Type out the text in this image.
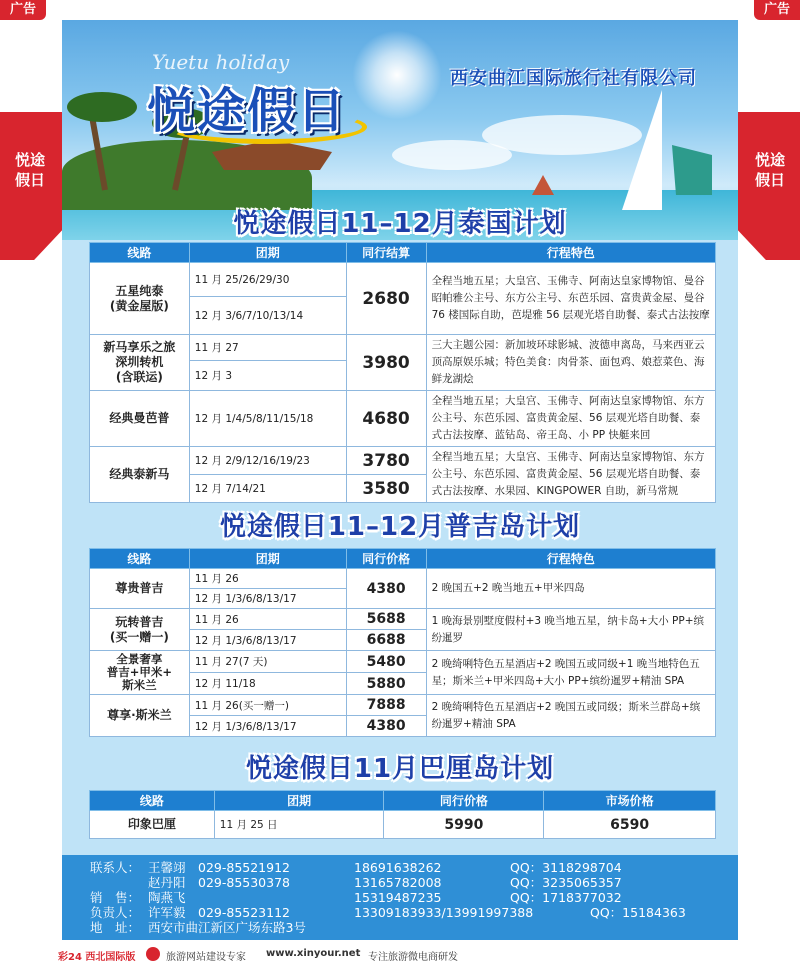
广告	广告
悦途假日
悦途假日
Yuetu holiday
悦途假日
西安曲江国际旅行社有限公司
悦途假日11–12月泰国计划
线路	团期	同行结算	行程特色
五星纯泰
(黄金屋版)	11 月 25/26/29/30	2680	全程当地五星；大皇宫、玉佛寺、阿南达皇家博物馆、曼谷昭帕雅公主号、东方公主号、东芭乐园、富贵黄金屋、曼谷 76 楼国际自助，芭堤雅 56 层观光塔自助餐、泰式古法按摩
	12 月 3/6/7/10/13/14		
新马享乐之旅
深圳转机
(含联运)	11 月 27	3980	三大主题公园：新加坡环球影城、波德申离岛，马来西亚云顶高原娱乐城；特色美食：肉骨茶、面包鸡、娘惹菜色、海鲜龙湖烩
	12 月 3		
经典曼芭普	12 月 1/4/5/8/11/15/18	4680	全程当地五星；大皇宫、玉佛寺、阿南达皇家博物馆、东方公主号、东芭乐园、富贵黄金屋、56 层观光塔自助餐、泰式古法按摩、蓝钻岛、帝王岛、小 PP 快艇来回
经典泰新马	12 月 2/9/12/16/19/23	3780	全程当地五星；大皇宫、玉佛寺、阿南达皇家博物馆、东方公主号、东芭乐园、富贵黄金屋、56 层观光塔自助餐、泰式古法按摩、水果园、KINGPOWER 自助，新马常规
	12 月 7/14/21	3580	
悦途假日11–12月普吉岛计划
线路	团期	同行价格	行程特色
尊贵普吉	11 月 26	4380	2 晚国五+2 晚当地五+甲米四岛
	12 月 1/3/6/8/13/17		
玩转普吉
(买一赠一)	11 月 26	5688	1 晚海景别墅度假村+3 晚当地五星，纳卡岛+大小 PP+缤纷暹罗
	12 月 1/3/6/8/13/17	6688	
全景奢享
普吉+甲米+
斯米兰	11 月 27(7 天)	5480	2 晚绮唎特色五星酒店+2 晚国五或同级+1 晚当地特色五星；斯米兰+甲米四岛+大小 PP+缤纷暹罗+精油 SPA
	12 月 11/18	5880	
尊享·斯米兰	11 月 26(买一赠一)	7888	2 晚绮唎特色五星酒店+2 晚国五或同级；斯米兰群岛+缤纷暹罗+精油 SPA
	12 月 1/3/6/8/13/17	4380	
悦途假日11月巴厘岛计划
线路	团期	同行价格	市场价格
印象巴厘	11 月 25 日	5990	6590
联系人： 王馨翊 029-85521912	18691638262	QQ：3118298704
赵丹阳 029-85530378	13165782008	QQ：3235065357
销　售： 陶燕飞	15319487235	QQ：1718377032
负责人： 许军毅 029-85523112	13309183933/13991997388	QQ：15184363
地　址： 西安市曲江新区广场东路3号
彩24 西北国际版	旅游网站建设专家 www.xinyour.net 专注旅游微电商研发
